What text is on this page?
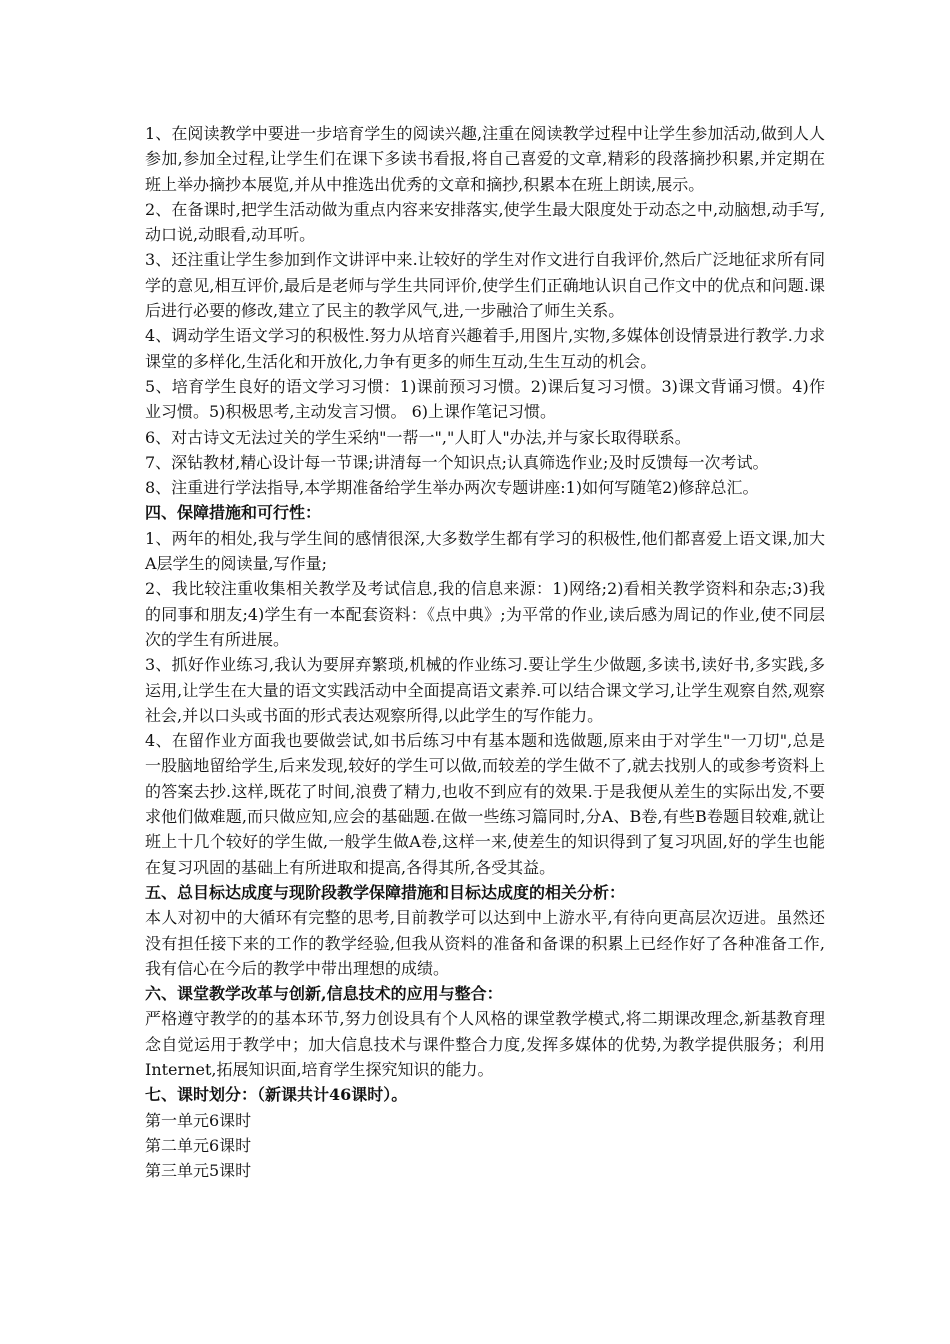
1、在阅读教学中要进一步培育学生的阅读兴趣,注重在阅读教学过程中让学生参加活动,做到人人参加,参加全过程,让学生们在课下多读书看报,将自己喜爱的文章,精彩的段落摘抄积累,并定期在班上举办摘抄本展览,并从中推选出优秀的文章和摘抄,积累本在班上朗读,展示。

2、在备课时,把学生活动做为重点内容来安排落实,使学生最大限度处于动态之中,动脑想,动手写,动口说,动眼看,动耳听。

3、还注重让学生参加到作文讲评中来.让较好的学生对作文进行自我评价,然后广泛地征求所有同学的意见,相互评价,最后是老师与学生共同评价,使学生们正确地认识自己作文中的优点和问题.课后进行必要的修改,建立了民主的教学风气,进,一步融洽了师生关系。

4、调动学生语文学习的积极性.努力从培育兴趣着手,用图片,实物,多媒体创设情景进行教学.力求课堂的多样化,生活化和开放化,力争有更多的师生互动,生生互动的机会。

5、培育学生良好的语文学习习惯：1)课前预习习惯。2)课后复习习惯。3)课文背诵习惯。4)作业习惯。5)积极思考,主动发言习惯。 6)上课作笔记习惯。

6、对古诗文无法过关的学生采纳"一帮一","人盯人"办法,并与家长取得联系。

7、深钻教材,精心设计每一节课;讲清每一个知识点;认真筛选作业;及时反馈每一次考试。

8、注重进行学法指导,本学期准备给学生举办两次专题讲座:1)如何写随笔2)修辞总汇。

四、保障措施和可行性：

1、两年的相处,我与学生间的感情很深,大多数学生都有学习的积极性,他们都喜爱上语文课,加大A层学生的阅读量,写作量;

2、我比较注重收集相关教学及考试信息,我的信息来源：1)网络;2)看相关教学资料和杂志;3)我的同事和朋友;4)学生有一本配套资料：《点中典》;为平常的作业,读后感为周记的作业,使不同层次的学生有所进展。

3、抓好作业练习,我认为要屏弃繁琐,机械的作业练习.要让学生少做题,多读书,读好书,多实践,多运用,让学生在大量的语文实践活动中全面提高语文素养.可以结合课文学习,让学生观察自然,观察社会,并以口头或书面的形式表达观察所得,以此学生的写作能力。

4、在留作业方面我也要做尝试,如书后练习中有基本题和选做题,原来由于对学生"一刀切",总是一股脑地留给学生,后来发现,较好的学生可以做,而较差的学生做不了,就去找别人的或参考资料上的答案去抄.这样,既花了时间,浪费了精力,也收不到应有的效果.于是我便从差生的实际出发,不要求他们做难题,而只做应知,应会的基础题.在做一些练习篇同时,分A、B卷,有些B卷题目较难,就让班上十几个较好的学生做,一般学生做A卷,这样一来,使差生的知识得到了复习巩固,好的学生也能在复习巩固的基础上有所进取和提高,各得其所,各受其益。

五、总目标达成度与现阶段教学保障措施和目标达成度的相关分析：

本人对初中的大循环有完整的思考,目前教学可以达到中上游水平,有待向更高层次迈进。虽然还没有担任接下来的工作的教学经验,但我从资料的准备和备课的积累上已经作好了各种准备工作,我有信心在今后的教学中带出理想的成绩。

六、课堂教学改革与创新,信息技术的应用与整合：

严格遵守教学的的基本环节,努力创设具有个人风格的课堂教学模式,将二期课改理念,新基教育理念自觉运用于教学中；加大信息技术与课件整合力度,发挥多媒体的优势,为教学提供服务；利用Internet,拓展知识面,培育学生探究知识的能力。

七、课时划分：（新课共计46课时）。

第一单元6课时

第二单元6课时

第三单元5课时
